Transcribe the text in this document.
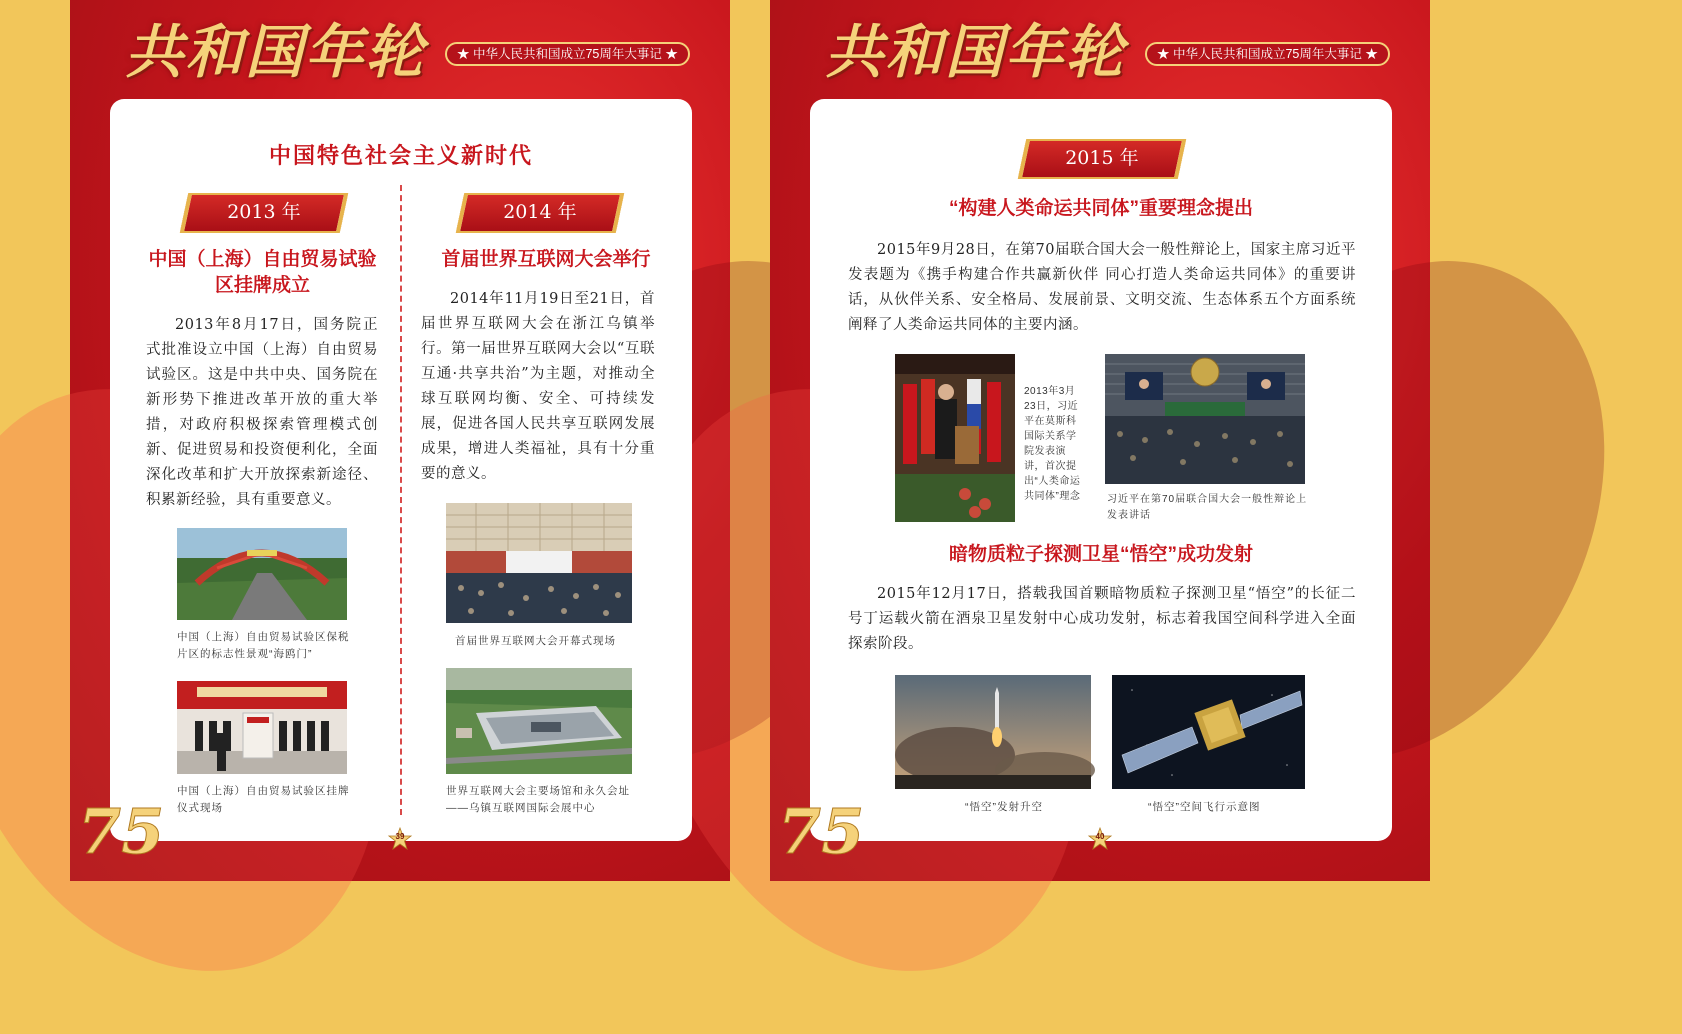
共和国年轮	★ 中华人民共和国成立75周年大事记 ★
中国特色社会主义新时代
2013 年	2014 年
中国（上海）自由贸易试验区挂牌成立
首届世界互联网大会举行
2013年8月17日，国务院正式批准设立中国（上海）自由贸易试验区。这是中共中央、国务院在新形势下推进改革开放的重大举措，对政府积极探索管理模式创新、促进贸易和投资便利化，全面深化改革和扩大开放探索新途径、积累新经验，具有重要意义。
2014年11月19日至21日，首届世界互联网大会在浙江乌镇举行。第一届世界互联网大会以“互联互通·共享共治”为主题，对推动全球互联网均衡、安全、可持续发展，促进各国人民共享互联网发展成果，增进人类福祉，具有十分重要的意义。
中国（上海）自由贸易试验区保税片区的标志性景观“海鸥门”
中国（上海）自由贸易试验区挂牌仪式现场
首届世界互联网大会开幕式现场
世界互联网大会主要场馆和永久会址——乌镇互联网国际会展中心
75	39
共和国年轮	★ 中华人民共和国成立75周年大事记 ★
2015 年
“构建人类命运共同体”重要理念提出
2015年9月28日，在第70届联合国大会一般性辩论上，国家主席习近平发表题为《携手构建合作共赢新伙伴 同心打造人类命运共同体》的重要讲话，从伙伴关系、安全格局、发展前景、文明交流、生态体系五个方面系统阐释了人类命运共同体的主要内涵。
2013年3月23日，习近平在莫斯科国际关系学院发表演讲，首次提出“人类命运共同体”理念	习近平在第70届联合国大会一般性辩论上发表讲话
暗物质粒子探测卫星“悟空”成功发射
2015年12月17日，搭载我国首颗暗物质粒子探测卫星“悟空”的长征二号丁运载火箭在酒泉卫星发射中心成功发射，标志着我国空间科学进入全面探索阶段。
“悟空”发射升空	“悟空”空间飞行示意图
75	40
